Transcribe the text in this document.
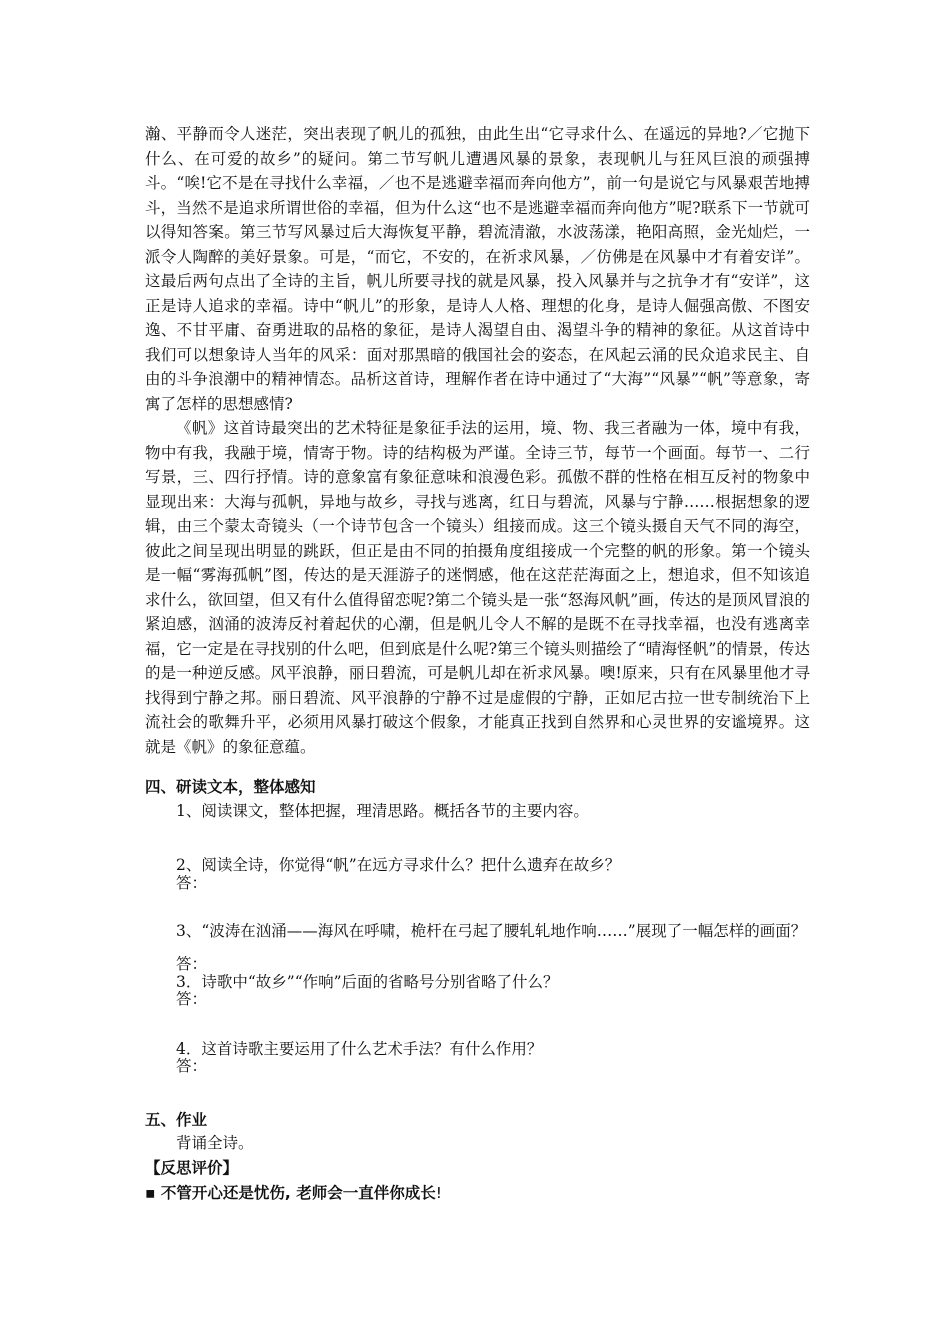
瀚、平静而令人迷茫，突出表现了帆儿的孤独，由此生出“它寻求什么、在遥远的异地?／它抛下什么、在可爱的故乡”的疑问。第二节写帆儿遭遇风暴的景象，表现帆儿与狂风巨浪的顽强搏斗。“唉!它不是在寻找什么幸福，／也不是逃避幸福而奔向他方”，前一句是说它与风暴艰苦地搏斗，当然不是追求所谓世俗的幸福，但为什么这“也不是逃避幸福而奔向他方”呢?联系下一节就可以得知答案。第三节写风暴过后大海恢复平静，碧流清澈，水波荡漾，艳阳高照，金光灿烂，一派令人陶醉的美好景象。可是，“而它，不安的，在祈求风暴，／仿佛是在风暴中才有着安详”。这最后两句点出了全诗的主旨，帆儿所要寻找的就是风暴，投入风暴并与之抗争才有“安详”，这正是诗人追求的幸福。诗中“帆儿”的形象，是诗人人格、理想的化身，是诗人倔强高傲、不图安逸、不甘平庸、奋勇进取的品格的象征，是诗人渴望自由、渴望斗争的精神的象征。从这首诗中我们可以想象诗人当年的风采：面对那黑暗的俄国社会的姿态，在风起云涌的民众追求民主、自由的斗争浪潮中的精神情态。品析这首诗，理解作者在诗中通过了“大海”“风暴”“帆”等意象，寄寓了怎样的思想感情?

《帆》这首诗最突出的艺术特征是象征手法的运用，境、物、我三者融为一体，境中有我，物中有我，我融于境，情寄于物。诗的结构极为严谨。全诗三节，每节一个画面。每节一、二行写景，三、四行抒情。诗的意象富有象征意味和浪漫色彩。孤傲不群的性格在相互反衬的物象中显现出来：大海与孤帆，异地与故乡，寻找与逃离，红日与碧流，风暴与宁静……根据想象的逻辑，由三个蒙太奇镜头（一个诗节包含一个镜头）组接而成。这三个镜头摄自天气不同的海空，彼此之间呈现出明显的跳跃，但正是由不同的拍摄角度组接成一个完整的帆的形象。第一个镜头是一幅“雾海孤帆”图，传达的是天涯游子的迷惘感，他在这茫茫海面之上，想追求，但不知该追求什么，欲回望，但又有什么值得留恋呢?第二个镜头是一张“怒海风帆”画，传达的是顶风冒浪的紧迫感，汹涌的波涛反衬着起伏的心潮，但是帆儿令人不解的是既不在寻找幸福，也没有逃离幸福，它一定是在寻找别的什么吧，但到底是什么呢?第三个镜头则描绘了“晴海怪帆”的情景，传达的是一种逆反感。风平浪静，丽日碧流，可是帆儿却在祈求风暴。噢!原来，只有在风暴里他才寻找得到宁静之邦。丽日碧流、风平浪静的宁静不过是虚假的宁静，正如尼古拉一世专制统治下上流社会的歌舞升平，必须用风暴打破这个假象，才能真正找到自然界和心灵世界的安谧境界。这就是《帆》的象征意蕴。

四、研读文本，整体感知

1、阅读课文，整体把握，理清思路。概括各节的主要内容。

2、阅读全诗，你觉得“帆”在远方寻求什么？把什么遗弃在故乡？

答：

3、“波涛在汹涌——海风在呼啸，桅杆在弓起了腰轧轧地作响……”展现了一幅怎样的画面？

答：

3．诗歌中“故乡”“作响”后面的省略号分别省略了什么？

答：

4．这首诗歌主要运用了什么艺术手法？有什么作用？

答：

五、作业

背诵全诗。

【反思评价】

▪ 不管开心还是忧伤, 老师会一直伴你成长!
